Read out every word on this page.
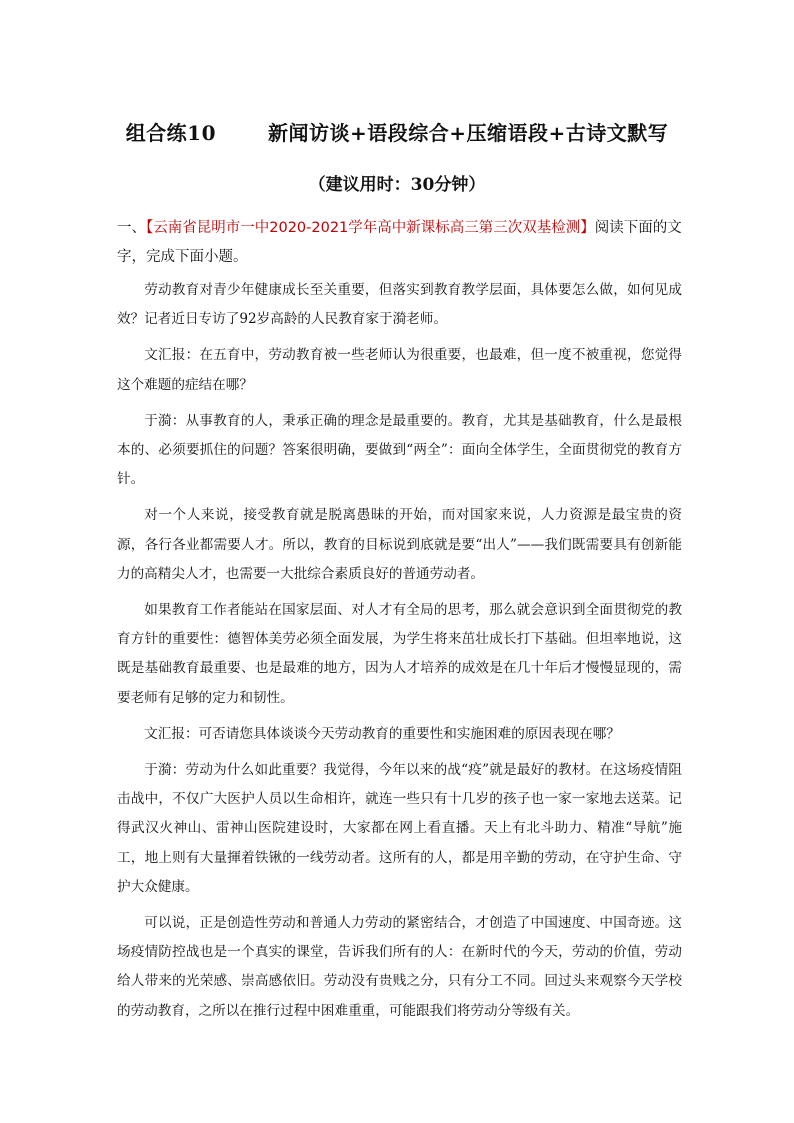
组合练10	新闻访谈+语段综合+压缩语段+古诗文默写
（建议用时：30分钟）
一、【云南省昆明市一中2020-2021学年高中新课标高三第三次双基检测】阅读下面的文字，完成下面小题。

劳动教育对青少年健康成长至关重要，但落实到教育教学层面，具体要怎么做，如何见成效？记者近日专访了92岁高龄的人民教育家于漪老师。

文汇报：在五育中，劳动教育被一些老师认为很重要，也最难，但一度不被重视，您觉得这个难题的症结在哪？

于漪：从事教育的人，秉承正确的理念是最重要的。教育，尤其是基础教育，什么是最根本的、必须要抓住的问题？答案很明确，要做到“两全”：面向全体学生，全面贯彻党的教育方针。

对一个人来说，接受教育就是脱离愚昧的开始，而对国家来说，人力资源是最宝贵的资源，各行各业都需要人才。所以，教育的目标说到底就是要“出人”——我们既需要具有创新能力的高精尖人才，也需要一大批综合素质良好的普通劳动者。

如果教育工作者能站在国家层面、对人才有全局的思考，那么就会意识到全面贯彻党的教育方针的重要性：德智体美劳必须全面发展，为学生将来茁壮成长打下基础。但坦率地说，这既是基础教育最重要、也是最难的地方，因为人才培养的成效是在几十年后才慢慢显现的，需要老师有足够的定力和韧性。

文汇报：可否请您具体谈谈今天劳动教育的重要性和实施困难的原因表现在哪？

于漪：劳动为什么如此重要？我觉得，今年以来的战“疫”就是最好的教材。在这场疫情阻击战中，不仅广大医护人员以生命相许，就连一些只有十几岁的孩子也一家一家地去送菜。记得武汉火神山、雷神山医院建设时，大家都在网上看直播。天上有北斗助力、精准“导航”施工，地上则有大量揮着铁锹的一线劳动者。这所有的人，都是用辛勤的劳动，在守护生命、守护大众健康。

可以说，正是创造性劳动和普通人力劳动的紧密结合，才创造了中国速度、中国奇迹。这场疫情防控战也是一个真实的课堂，告诉我们所有的人：在新时代的今天，劳动的价值，劳动给人带来的光荣感、崇高感依旧。劳动没有贵贱之分，只有分工不同。回过头来观察今天学校的劳动教育，之所以在推行过程中困难重重，可能跟我们将劳动分等级有关。
